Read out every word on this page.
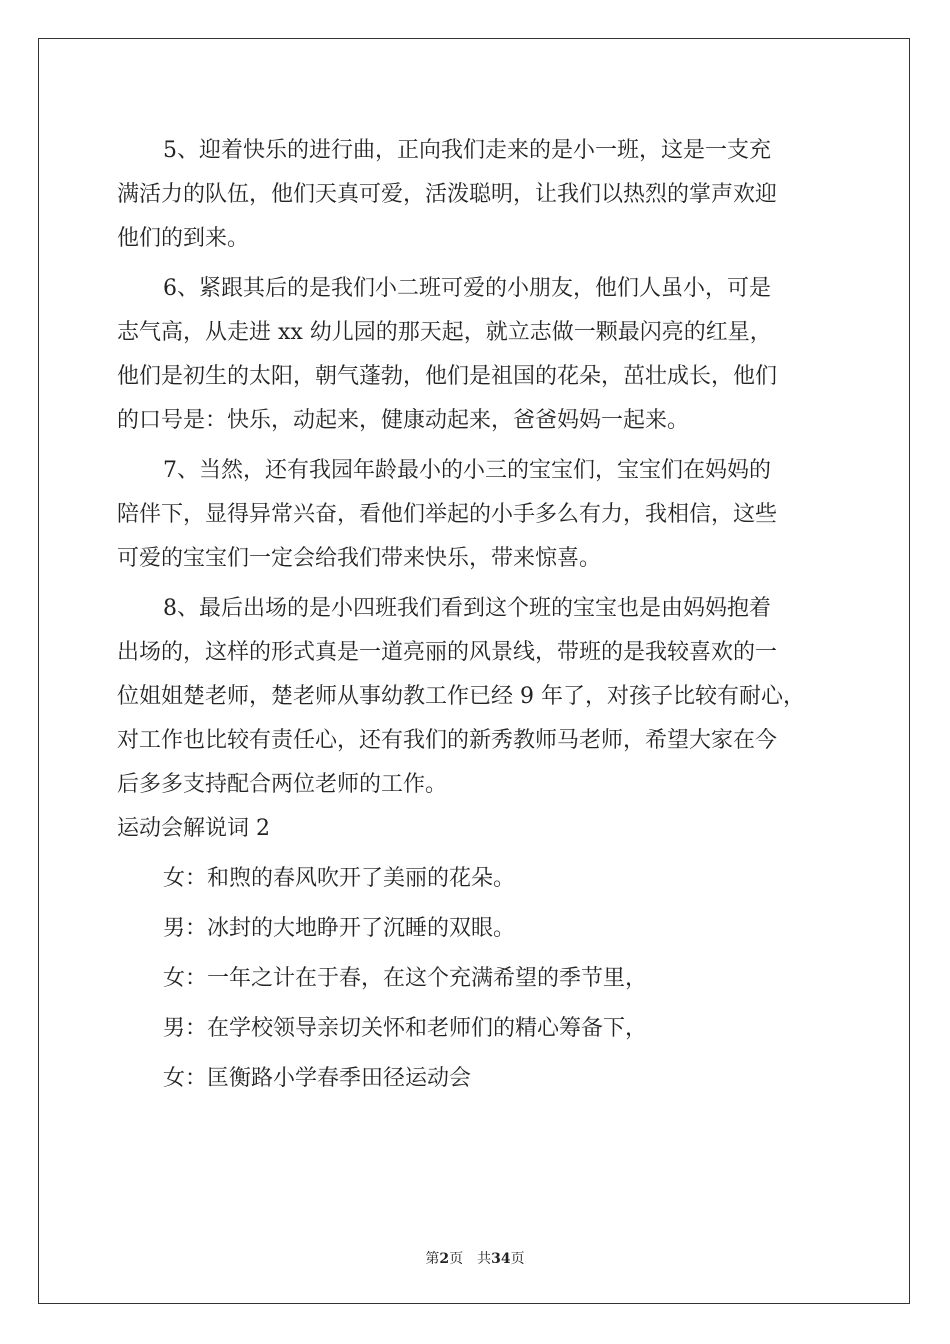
5、迎着快乐的进行曲，正向我们走来的是小一班，这是一支充
满活力的队伍，他们天真可爱，活泼聪明，让我们以热烈的掌声欢迎
他们的到来。
6、紧跟其后的是我们小二班可爱的小朋友，他们人虽小，可是
志气高，从走进 xx 幼儿园的那天起，就立志做一颗最闪亮的红星，
他们是初生的太阳，朝气蓬勃，他们是祖国的花朵，茁壮成长，他们
的口号是：快乐，动起来，健康动起来，爸爸妈妈一起来。
7、当然，还有我园年龄最小的小三的宝宝们，宝宝们在妈妈的
陪伴下，显得异常兴奋，看他们举起的小手多么有力，我相信，这些
可爱的宝宝们一定会给我们带来快乐，带来惊喜。
8、最后出场的是小四班我们看到这个班的宝宝也是由妈妈抱着
出场的，这样的形式真是一道亮丽的风景线，带班的是我较喜欢的一
位姐姐楚老师，楚老师从事幼教工作已经 9 年了，对孩子比较有耐心，
对工作也比较有责任心，还有我们的新秀教师马老师，希望大家在今
后多多支持配合两位老师的工作。
运动会解说词 2
女：和煦的春风吹开了美丽的花朵。
男：冰封的大地睁开了沉睡的双眼。
女：一年之计在于春，在这个充满希望的季节里，
男：在学校领导亲切关怀和老师们的精心筹备下，
女：匡衡路小学春季田径运动会
第2页　共34页
